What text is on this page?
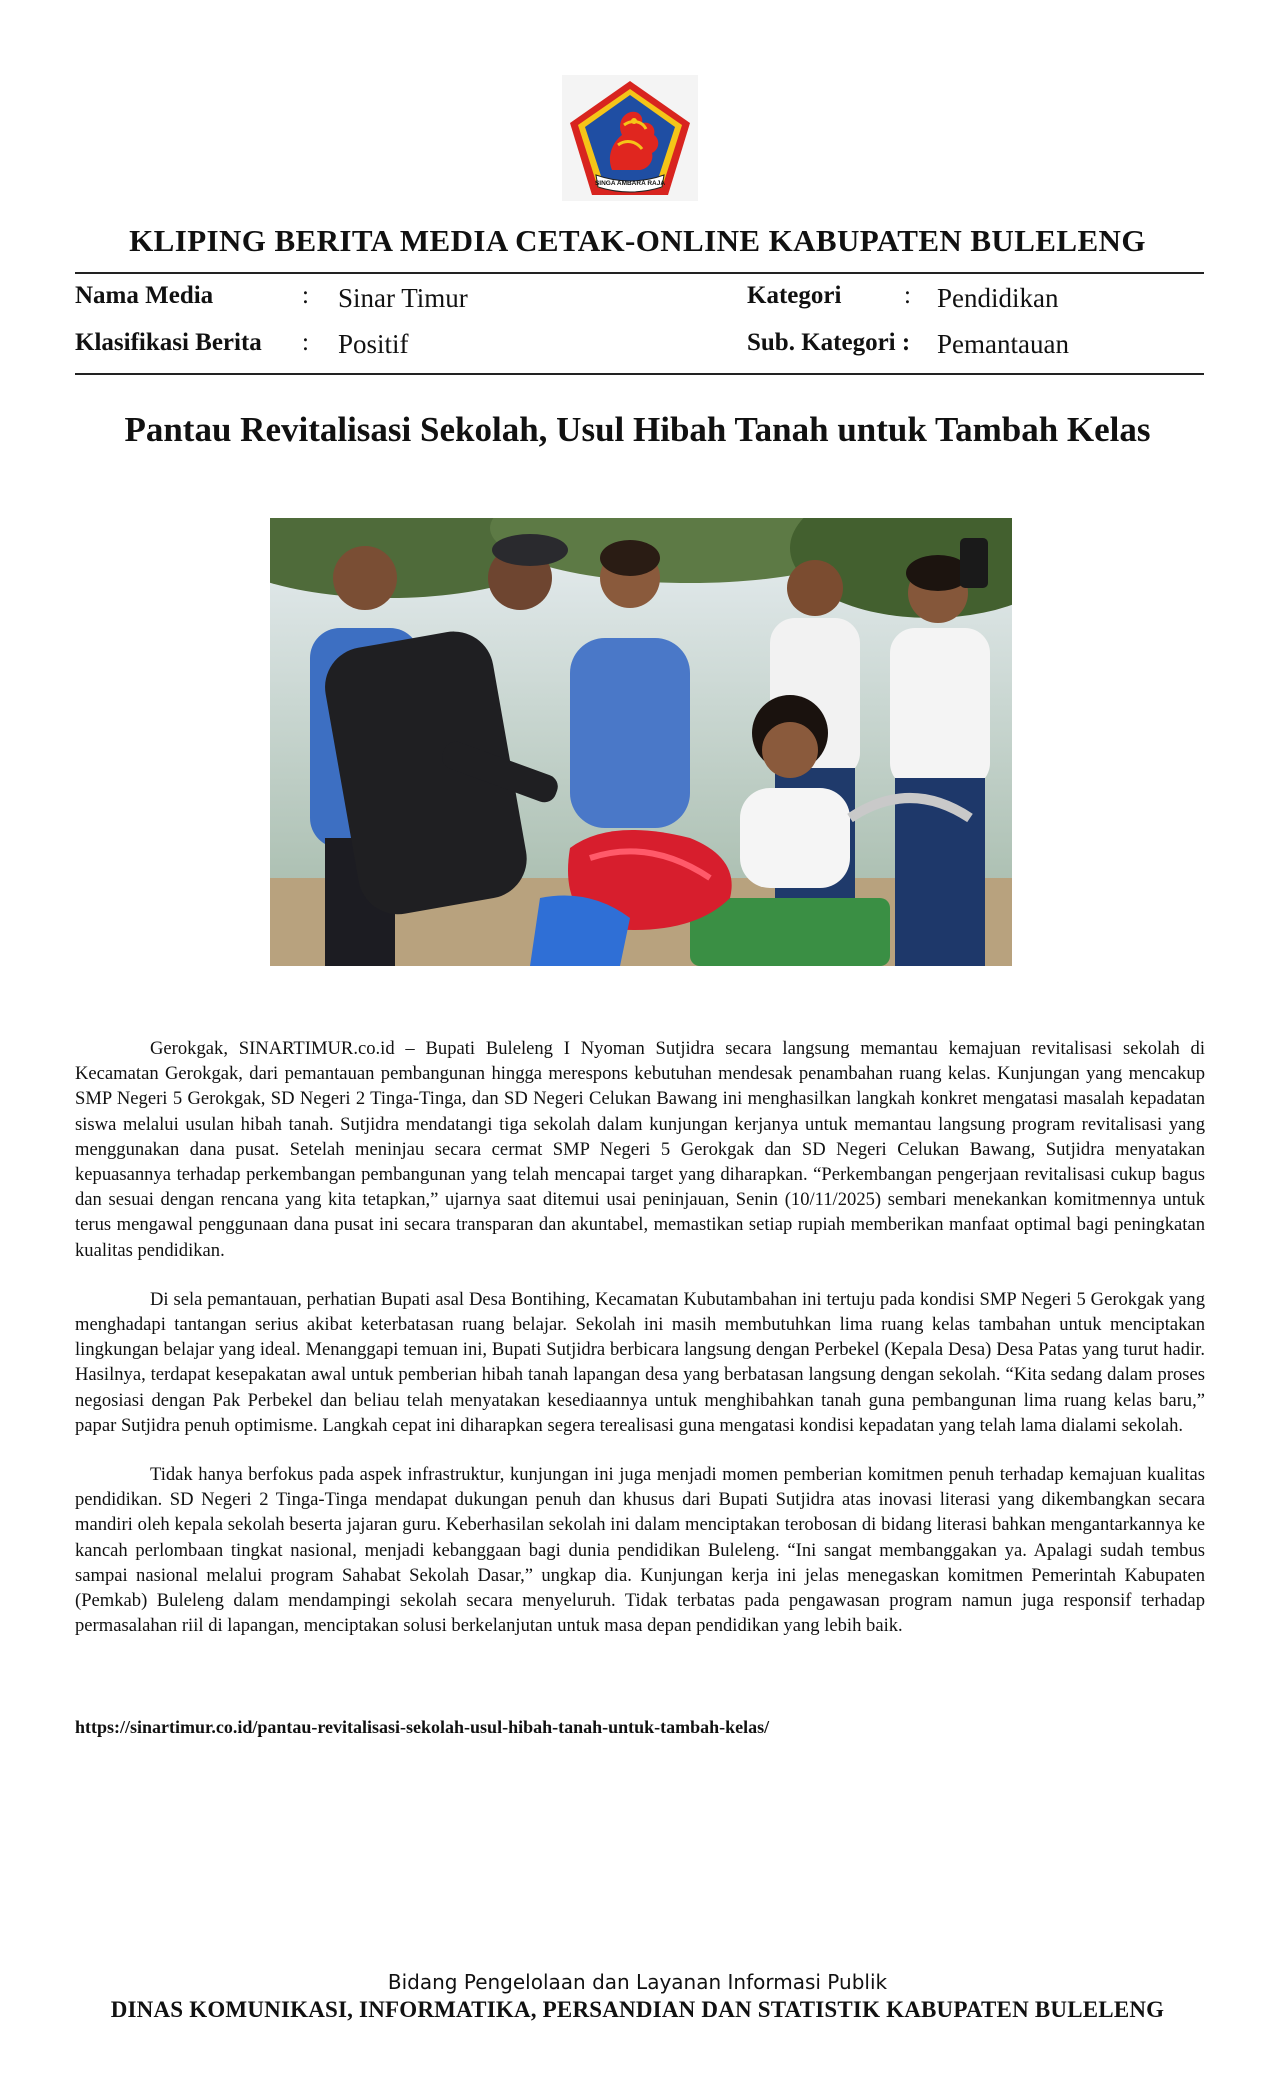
SINGA AMBARA RAJA
KLIPING BERITA MEDIA CETAK-ONLINE KABUPATEN BULELENG
Nama Media	: Sinar Timur	Kategori	: Pendidikan
Klasifikasi Berita : Positif	Sub. Kategori : Pemantauan
Pantau Revitalisasi Sekolah, Usul Hibah Tanah untuk Tambah Kelas

Gerokgak, SINARTIMUR.co.id – Bupati Buleleng I Nyoman Sutjidra secara langsung memantau kemajuan revitalisasi sekolah di Kecamatan Gerokgak, dari pemantauan pembangunan hingga merespons kebutuhan mendesak penambahan ruang kelas. Kunjungan yang mencakup SMP Negeri 5 Gerokgak, SD Negeri 2 Tinga-Tinga, dan SD Negeri Celukan Bawang ini menghasilkan langkah konkret mengatasi masalah kepadatan siswa melalui usulan hibah tanah. Sutjidra mendatangi tiga sekolah dalam kunjungan kerjanya untuk memantau langsung program revitalisasi yang menggunakan dana pusat. Setelah meninjau secara cermat SMP Negeri 5 Gerokgak dan SD Negeri Celukan Bawang, Sutjidra menyatakan kepuasannya terhadap perkembangan pembangunan yang telah mencapai target yang diharapkan. “Perkembangan pengerjaan revitalisasi cukup bagus dan sesuai dengan rencana yang kita tetapkan,” ujarnya saat ditemui usai peninjauan, Senin (10/11/2025) sembari menekankan komitmennya untuk terus mengawal penggunaan dana pusat ini secara transparan dan akuntabel, memastikan setiap rupiah memberikan manfaat optimal bagi peningkatan kualitas pendidikan.

Di sela pemantauan, perhatian Bupati asal Desa Bontihing, Kecamatan Kubutambahan ini tertuju pada kondisi SMP Negeri 5 Gerokgak yang menghadapi tantangan serius akibat keterbatasan ruang belajar. Sekolah ini masih membutuhkan lima ruang kelas tambahan untuk menciptakan lingkungan belajar yang ideal. Menanggapi temuan ini, Bupati Sutjidra berbicara langsung dengan Perbekel (Kepala Desa) Desa Patas yang turut hadir. Hasilnya, terdapat kesepakatan awal untuk pemberian hibah tanah lapangan desa yang berbatasan langsung dengan sekolah. “Kita sedang dalam proses negosiasi dengan Pak Perbekel dan beliau telah menyatakan kesediaannya untuk menghibahkan tanah guna pembangunan lima ruang kelas baru,” papar Sutjidra penuh optimisme. Langkah cepat ini diharapkan segera terealisasi guna mengatasi kondisi kepadatan yang telah lama dialami sekolah.

Tidak hanya berfokus pada aspek infrastruktur, kunjungan ini juga menjadi momen pemberian komitmen penuh terhadap kemajuan kualitas pendidikan. SD Negeri 2 Tinga-Tinga mendapat dukungan penuh dan khusus dari Bupati Sutjidra atas inovasi literasi yang dikembangkan secara mandiri oleh kepala sekolah beserta jajaran guru. Keberhasilan sekolah ini dalam menciptakan terobosan di bidang literasi bahkan mengantarkannya ke kancah perlombaan tingkat nasional, menjadi kebanggaan bagi dunia pendidikan Buleleng. “Ini sangat membanggakan ya. Apalagi sudah tembus sampai nasional melalui program Sahabat Sekolah Dasar,” ungkap dia. Kunjungan kerja ini jelas menegaskan komitmen Pemerintah Kabupaten (Pemkab) Buleleng dalam mendampingi sekolah secara menyeluruh. Tidak terbatas pada pengawasan program namun juga responsif terhadap permasalahan riil di lapangan, menciptakan solusi berkelanjutan untuk masa depan pendidikan yang lebih baik.

https://sinartimur.co.id/pantau-revitalisasi-sekolah-usul-hibah-tanah-untuk-tambah-kelas/
Bidang Pengelolaan dan Layanan Informasi Publik
DINAS KOMUNIKASI, INFORMATIKA, PERSANDIAN DAN STATISTIK KABUPATEN BULELENG
